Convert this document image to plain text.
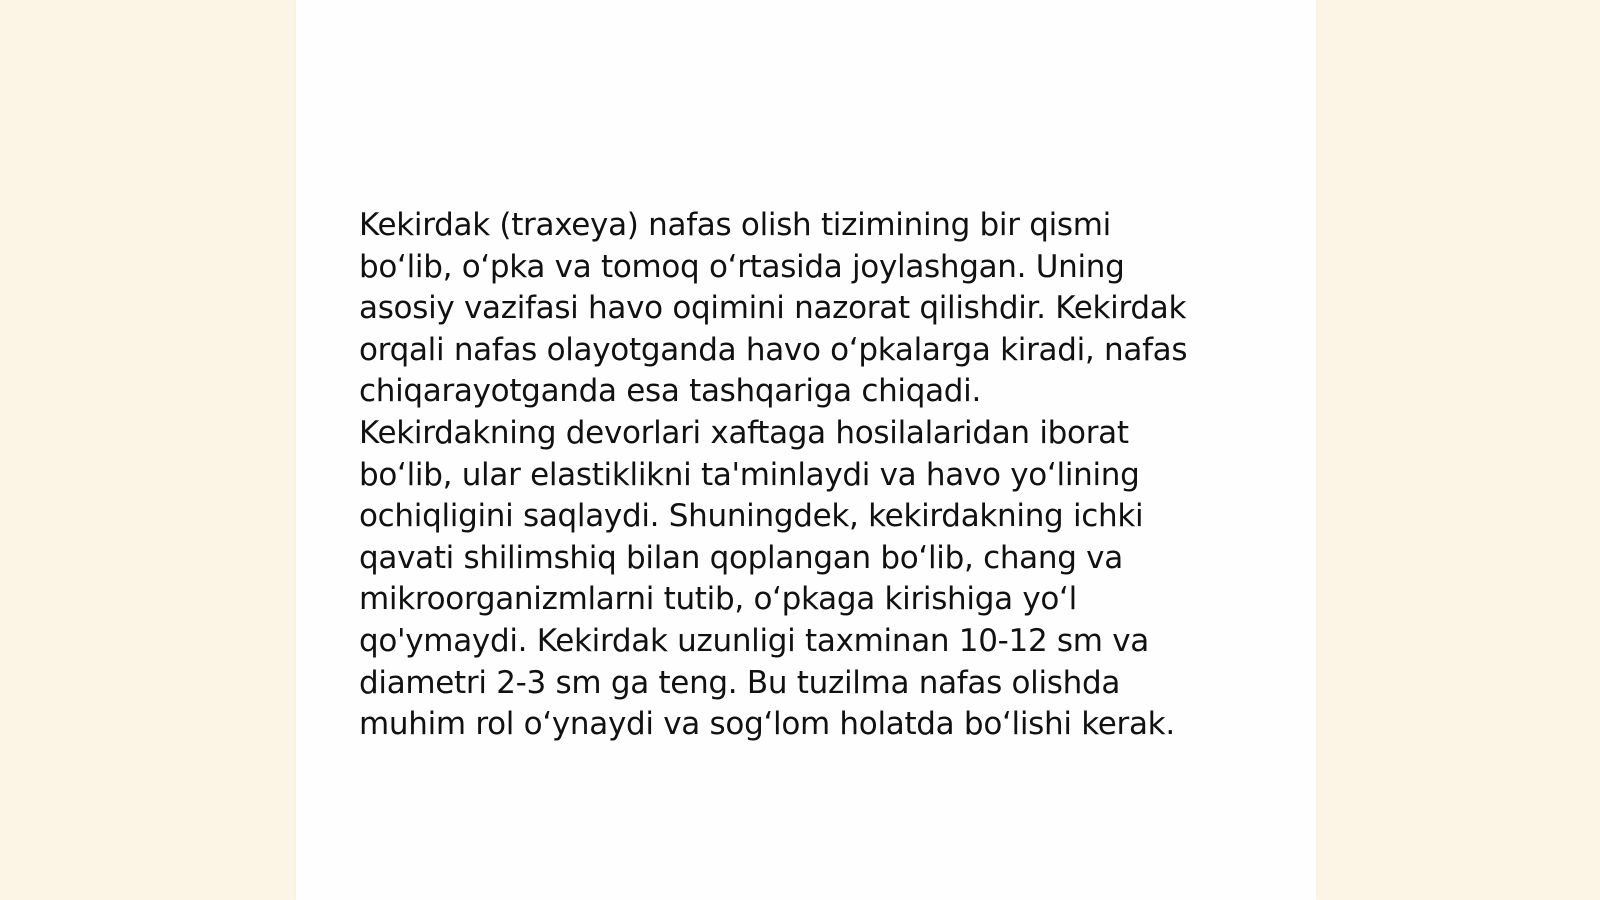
Kekirdak (traxeya) nafas olish tizimining bir qismi
boʻlib, oʻpka va tomoq oʻrtasida joylashgan. Uning
asosiy vazifasi havo oqimini nazorat qilishdir. Kekirdak
orqali nafas olayotganda havo oʻpkalarga kiradi, nafas
chiqarayotganda esa tashqariga chiqadi.
Kekirdakning devorlari xaftaga hosilalaridan iborat
boʻlib, ular elastiklikni ta'minlaydi va havo yoʻlining
ochiqligini saqlaydi. Shuningdek, kekirdakning ichki
qavati shilimshiq bilan qoplangan boʻlib, chang va
mikroorganizmlarni tutib, oʻpkaga kirishiga yoʻl
qo'ymaydi. Kekirdak uzunligi taxminan 10-12 sm va
diametri 2-3 sm ga teng. Bu tuzilma nafas olishda
muhim rol oʻynaydi va sogʻlom holatda boʻlishi kerak.
